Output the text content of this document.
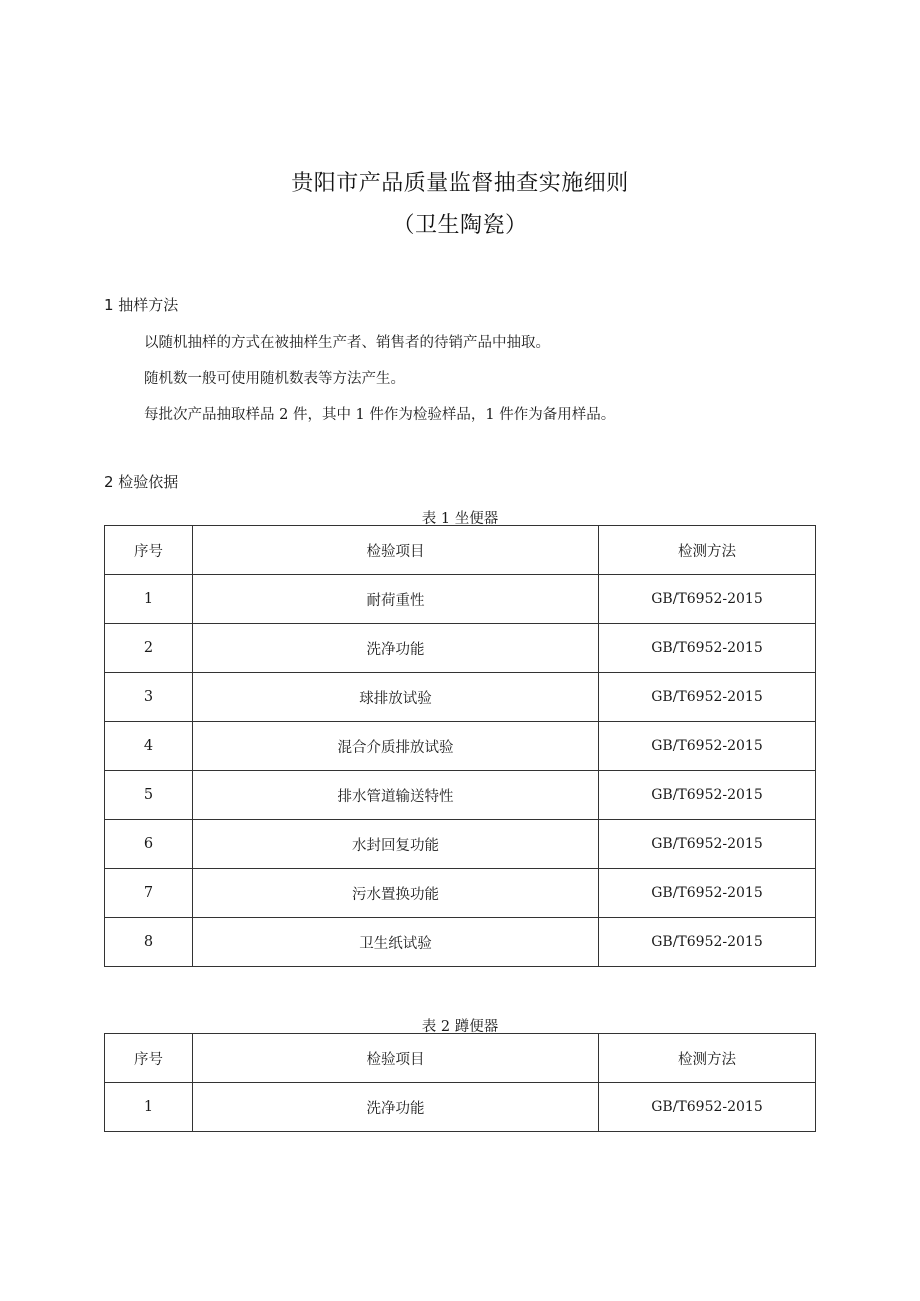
贵阳市产品质量监督抽查实施细则
（卫生陶瓷）
1 抽样方法
以随机抽样的方式在被抽样生产者、销售者的待销产品中抽取。
随机数一般可使用随机数表等方法产生。
每批次产品抽取样品 2 件，其中 1 件作为检验样品，1 件作为备用样品。
2 检验依据
表 1 坐便器
序号	检验项目	检测方法
1	耐荷重性	GB/T6952-2015
2	洗净功能	GB/T6952-2015
3	球排放试验	GB/T6952-2015
4	混合介质排放试验	GB/T6952-2015
5	排水管道输送特性	GB/T6952-2015
6	水封回复功能	GB/T6952-2015
7	污水置换功能	GB/T6952-2015
8	卫生纸试验	GB/T6952-2015
表 2 蹲便器
序号	检验项目	检测方法
1	洗净功能	GB/T6952-2015
